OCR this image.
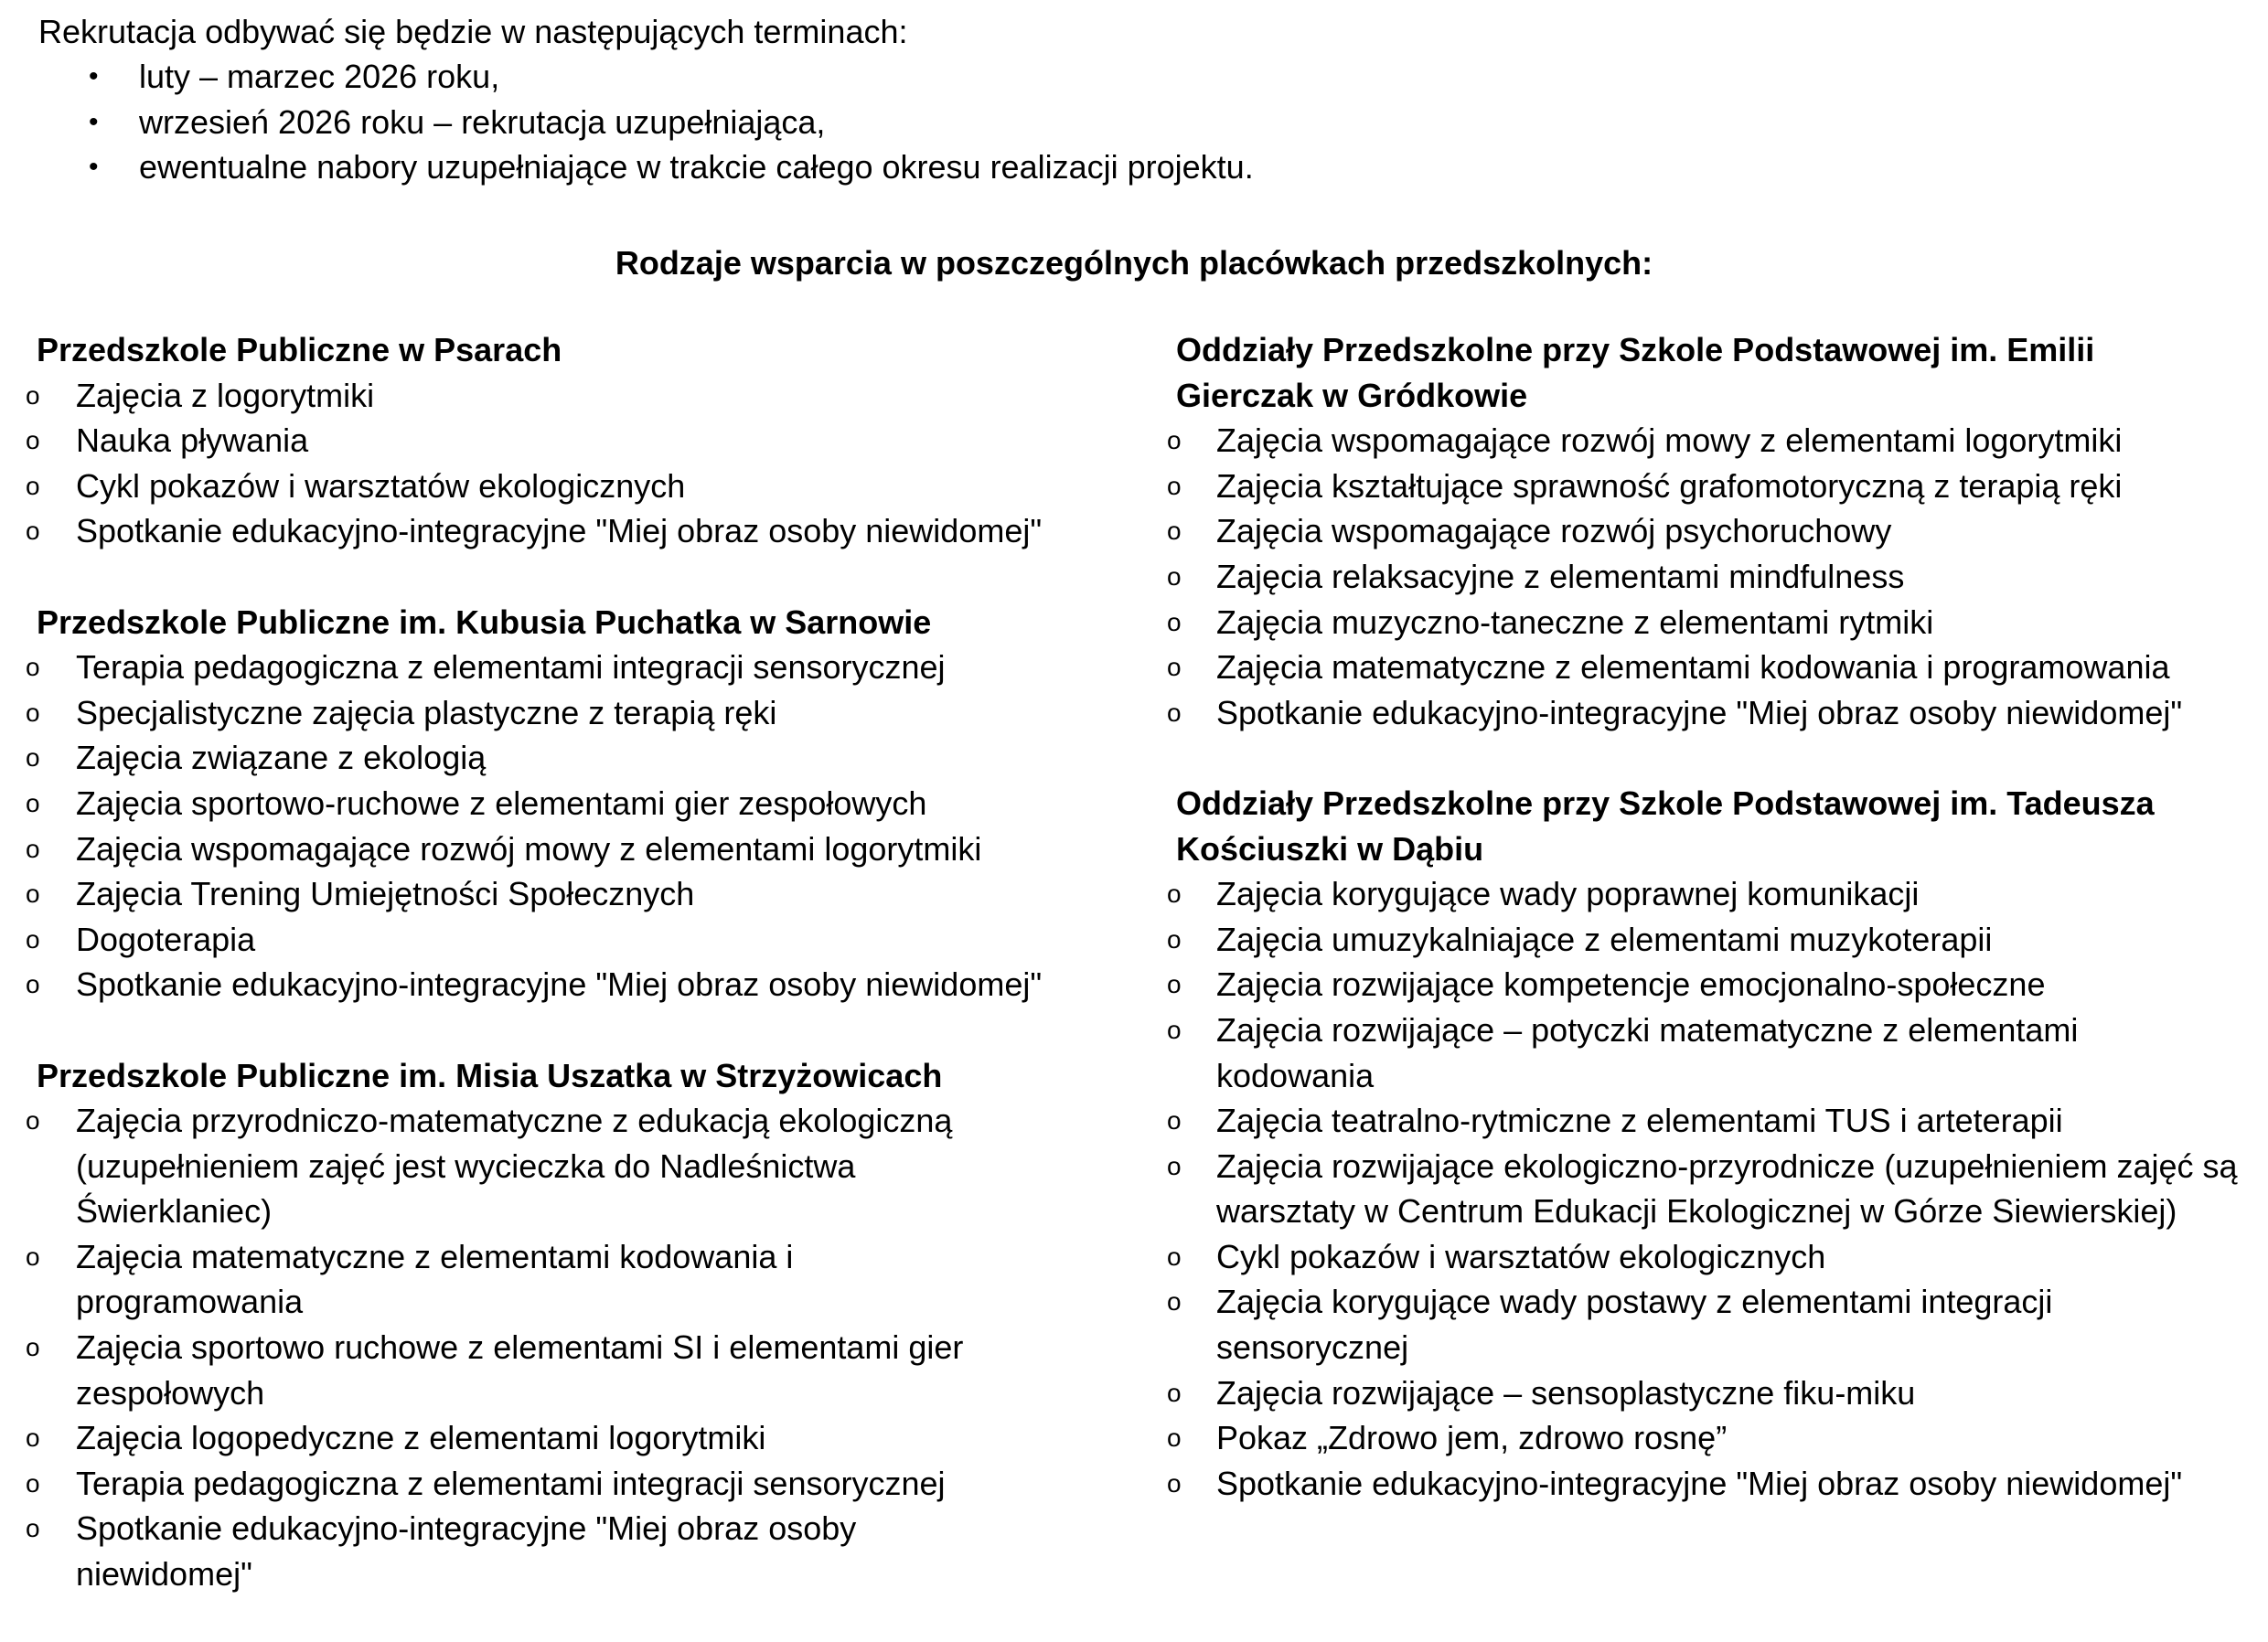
Rekrutacja odbywać się będzie w następujących terminach:
• luty – marzec 2026 roku,
• wrzesień 2026 roku – rekrutacja uzupełniająca,
• ewentualne nabory uzupełniające w trakcie całego okresu realizacji projektu.
Rodzaje wsparcia w poszczególnych placówkach przedszkolnych:
Przedszkole Publiczne w Psarach
o Zajęcia z logorytmiki
o Nauka pływania
o Cykl pokazów i warsztatów ekologicznych
o Spotkanie edukacyjno-integracyjne "Miej obraz osoby niewidomej"
Przedszkole Publiczne im. Kubusia Puchatka w Sarnowie
o Terapia pedagogiczna z elementami integracji sensorycznej
o Specjalistyczne zajęcia plastyczne z terapią ręki
o Zajęcia związane z ekologią
o Zajęcia sportowo-ruchowe z elementami gier zespołowych
o Zajęcia wspomagające rozwój mowy z elementami logorytmiki
o Zajęcia Trening Umiejętności Społecznych
o Dogoterapia
o Spotkanie edukacyjno-integracyjne "Miej obraz osoby niewidomej"
Przedszkole Publiczne im. Misia Uszatka w Strzyżowicach
o Zajęcia przyrodniczo-matematyczne z edukacją ekologiczną (uzupełnieniem zajęć jest wycieczka do Nadleśnictwa Świerklaniec)
o Zajęcia matematyczne z elementami kodowania i programowania
o Zajęcia sportowo ruchowe z elementami SI i elementami gier zespołowych
o Zajęcia logopedyczne z elementami logorytmiki
o Terapia pedagogiczna z elementami integracji sensorycznej
o Spotkanie edukacyjno-integracyjne "Miej obraz osoby niewidomej"
Oddziały Przedszkolne przy Szkole Podstawowej im. Emilii Gierczak w Gródkowie
o Zajęcia wspomagające rozwój mowy z elementami logorytmiki
o Zajęcia kształtujące sprawność grafomotoryczną z terapią ręki
o Zajęcia wspomagające rozwój psychoruchowy
o Zajęcia relaksacyjne z elementami mindfulness
o Zajęcia muzyczno-taneczne z elementami rytmiki
o Zajęcia matematyczne z elementami kodowania i programowania
o Spotkanie edukacyjno-integracyjne "Miej obraz osoby niewidomej"
Oddziały Przedszkolne przy Szkole Podstawowej im. Tadeusza Kościuszki w Dąbiu
o Zajęcia korygujące wady poprawnej komunikacji
o Zajęcia umuzykalniające z elementami muzykoterapii
o Zajęcia rozwijające kompetencje emocjonalno-społeczne
o Zajęcia rozwijające – potyczki matematyczne z elementami kodowania
o Zajęcia teatralno-rytmiczne z elementami TUS i arteterapii
o Zajęcia rozwijające ekologiczno-przyrodnicze (uzupełnieniem zajęć są warsztaty w Centrum Edukacji Ekologicznej w Górze Siewierskiej)
o Cykl pokazów i warsztatów ekologicznych
o Zajęcia korygujące wady postawy z elementami integracji sensorycznej
o Zajęcia rozwijające – sensoplastyczne fiku-miku
o Pokaz „Zdrowo jem, zdrowo rosnę”
o Spotkanie edukacyjno-integracyjne "Miej obraz osoby niewidomej"
